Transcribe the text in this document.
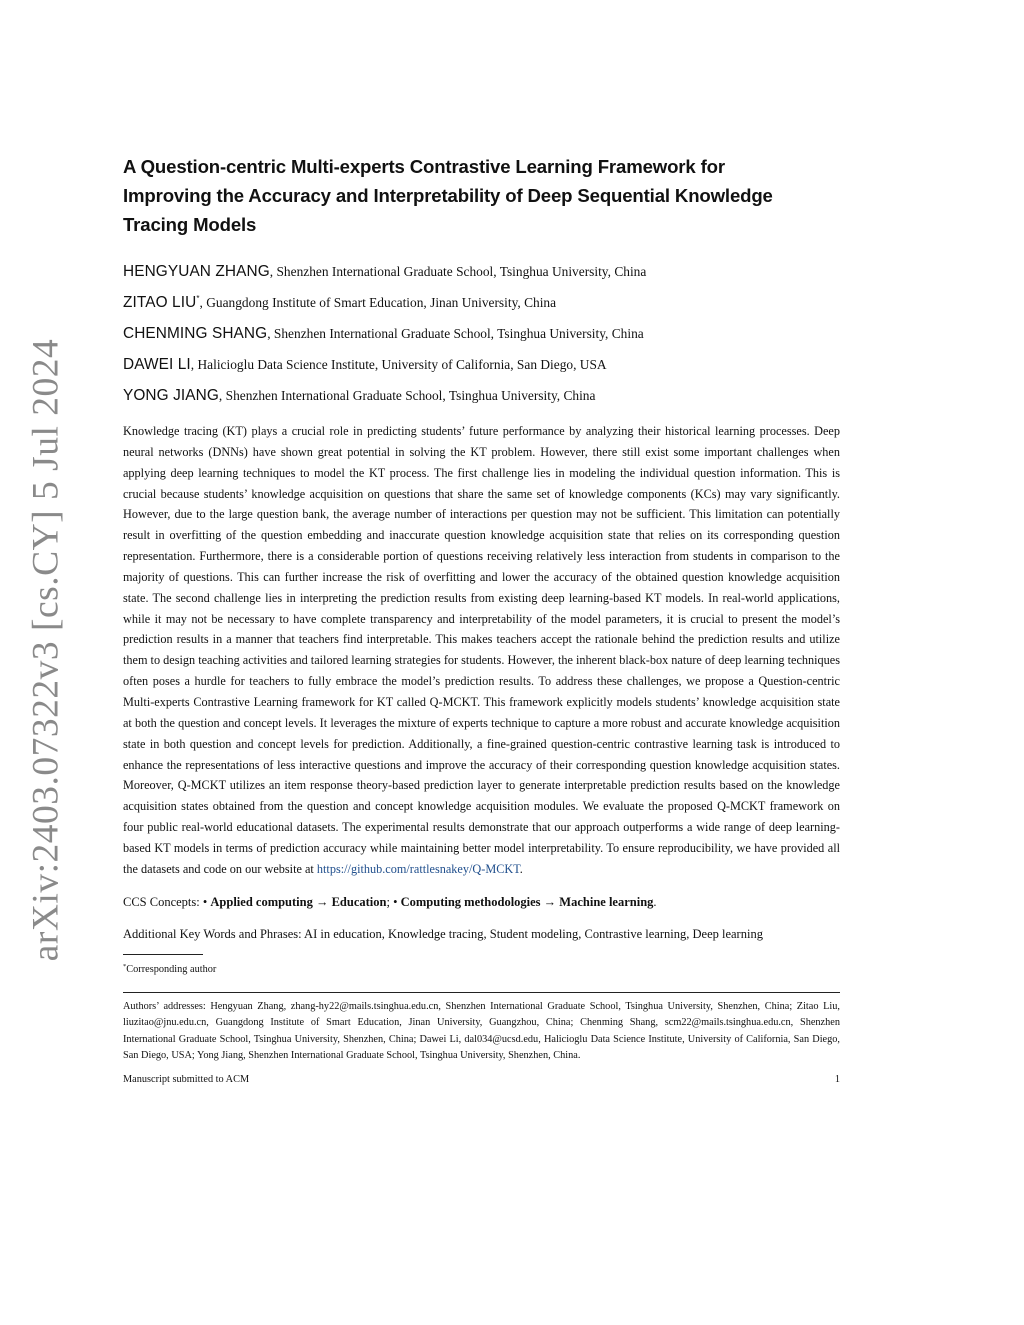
arXiv:2403.07322v3 [cs.CY] 5 Jul 2024
A Question-centric Multi-experts Contrastive Learning Framework for
Improving the Accuracy and Interpretability of Deep Sequential Knowledge
Tracing Models
HENGYUAN ZHANG, Shenzhen International Graduate School, Tsinghua University, China
ZITAO LIU*, Guangdong Institute of Smart Education, Jinan University, China
CHENMING SHANG, Shenzhen International Graduate School, Tsinghua University, China
DAWEI LI, Halicioglu Data Science Institute, University of California, San Diego, USA
YONG JIANG, Shenzhen International Graduate School, Tsinghua University, China

Knowledge tracing (KT) plays a crucial role in predicting students’ future performance by analyzing their historical learning processes. Deep neural networks (DNNs) have shown great potential in solving the KT problem. However, there still exist some important challenges when applying deep learning techniques to model the KT process. The first challenge lies in modeling the individual question information. This is crucial because students’ knowledge acquisition on questions that share the same set of knowledge components (KCs) may vary significantly. However, due to the large question bank, the average number of interactions per question may not be sufficient. This limitation can potentially result in overfitting of the question embedding and inaccurate question knowledge acquisition state that relies on its corresponding question representation. Furthermore, there is a considerable portion of questions receiving relatively less interaction from students in comparison to the majority of questions. This can further increase the risk of overfitting and lower the accuracy of the obtained question knowledge acquisition state. The second challenge lies in interpreting the prediction results from existing deep learning-based KT models. In real-world applications, while it may not be necessary to have complete transparency and interpretability of the model parameters, it is crucial to present the model’s prediction results in a manner that teachers find interpretable. This makes teachers accept the rationale behind the prediction results and utilize them to design teaching activities and tailored learning strategies for students. However, the inherent black-box nature of deep learning techniques often poses a hurdle for teachers to fully embrace the model’s prediction results. To address these challenges, we propose a Question-centric Multi-experts Contrastive Learning framework for KT called Q-MCKT. This framework explicitly models students’ knowledge acquisition state at both the question and concept levels. It leverages the mixture of experts technique to capture a more robust and accurate knowledge acquisition state in both question and concept levels for prediction. Additionally, a fine-grained question-centric contrastive learning task is introduced to enhance the representations of less interactive questions and improve the accuracy of their corresponding question knowledge acquisition states. Moreover, Q-MCKT utilizes an item response theory-based prediction layer to generate interpretable prediction results based on the knowledge acquisition states obtained from the question and concept knowledge acquisition modules. We evaluate the proposed Q-MCKT framework on four public real-world educational datasets. The experimental results demonstrate that our approach outperforms a wide range of deep learning-based KT models in terms of prediction accuracy while maintaining better model interpretability. To ensure reproducibility, we have provided all the datasets and code on our website at https://github.com/rattlesnakey/Q-MCKT.

CCS Concepts: • Applied computing → Education; • Computing methodologies → Machine learning.
Additional Key Words and Phrases: AI in education, Knowledge tracing, Student modeling, Contrastive learning, Deep learning
*Corresponding author
Authors’ addresses: Hengyuan Zhang, zhang-hy22@mails.tsinghua.edu.cn, Shenzhen International Graduate School, Tsinghua University, Shenzhen, China; Zitao Liu, liuzitao@jnu.edu.cn, Guangdong Institute of Smart Education, Jinan University, Guangzhou, China; Chenming Shang, scm22@mails.tsinghua.edu.cn, Shenzhen International Graduate School, Tsinghua University, Shenzhen, China; Dawei Li, dal034@ucsd.edu, Halicioglu Data Science Institute, University of California, San Diego, San Diego, USA; Yong Jiang, Shenzhen International Graduate School, Tsinghua University, Shenzhen, China.
Manuscript submitted to ACM	1
